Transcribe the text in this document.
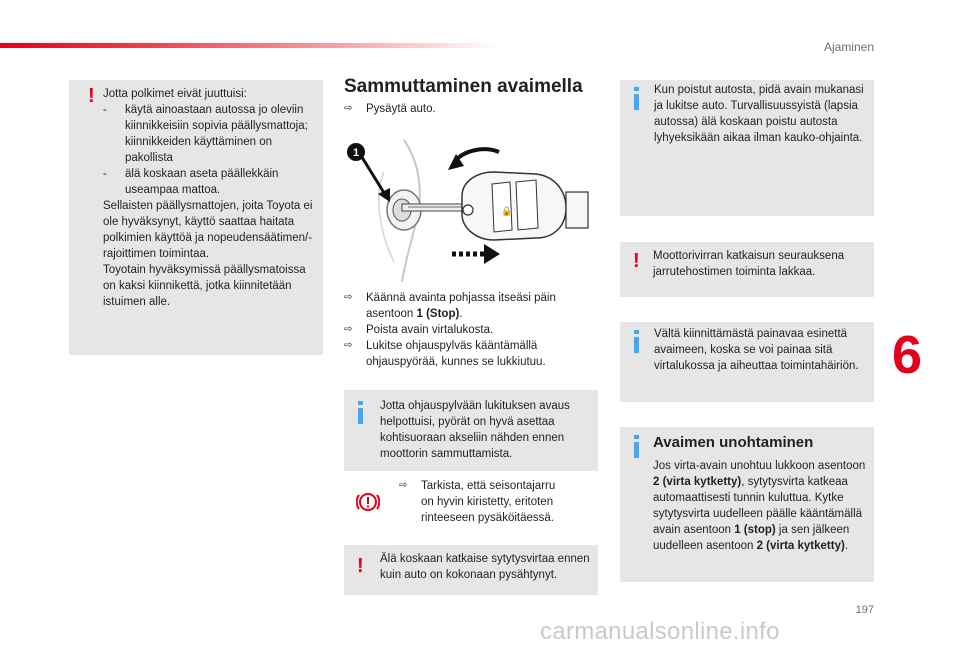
Ajaminen
! Jotta polkimet eivät juuttuisi:

-	käytä ainoastaan autossa jo oleviin kiinnikkeisiin sopivia päällysmattoja; kiinnikkeiden käyttäminen on pakollista
-	älä koskaan aseta päällekkäin useampaa mattoa.

Sellaisten päällysmattojen, joita Toyota ei ole hyväksynyt, käyttö saattaa haitata polkimien käyttöä ja nopeudensäätimen/-rajoittimen toimintaa.

Toyotain hyväksymissä päällysmatoissa on kaksi kiinnikettä, jotka kiinnitetään istuimen alle.

Sammuttaminen avaimella
⇨	Pysäytä auto.
🔒
1
⇨	Käännä avainta pohjassa itseäsi päin asentoon 1 (Stop).
⇨	Poista avain virtalukosta.
⇨	Lukitse ohjauspylväs kääntämällä ohjauspyörää, kunnes se lukkiutuu.
Jotta ohjauspylvään lukituksen avaus helpottuisi, pyörät on hyvä asettaa kohtisuoraan akseliin nähden ennen moottorin sammuttamista.
⇨	Tarkista, että seisontajarru on hyvin kiristetty, eritoten rinteeseen pysäköitäessä.
! Älä koskaan katkaise sytytysvirtaa ennen kuin auto on kokonaan pysähtynyt.
Kun poistut autosta, pidä avain mukanasi ja lukitse auto. Turvallisuussyistä (lapsia autossa) älä koskaan poistu autosta lyhyeksikään aikaa ilman kauko-ohjainta.
! Moottorivirran katkaisun seurauksena jarrutehostimen toiminta lakkaa.
Vältä kiinnittämästä painavaa esinettä avaimeen, koska se voi painaa sitä virtalukossa ja aiheuttaa toimintahäiriön.
Avaimen unohtaminen
Jos virta-avain unohtuu lukkoon asentoon 2 (virta kytketty), sytytysvirta katkeaa automaattisesti tunnin kuluttua. Kytke sytytysvirta uudelleen päälle kääntämällä avain asentoon 1 (stop) ja sen jälkeen uudelleen asentoon 2 (virta kytketty).
6
197
carmanualsonline.info
